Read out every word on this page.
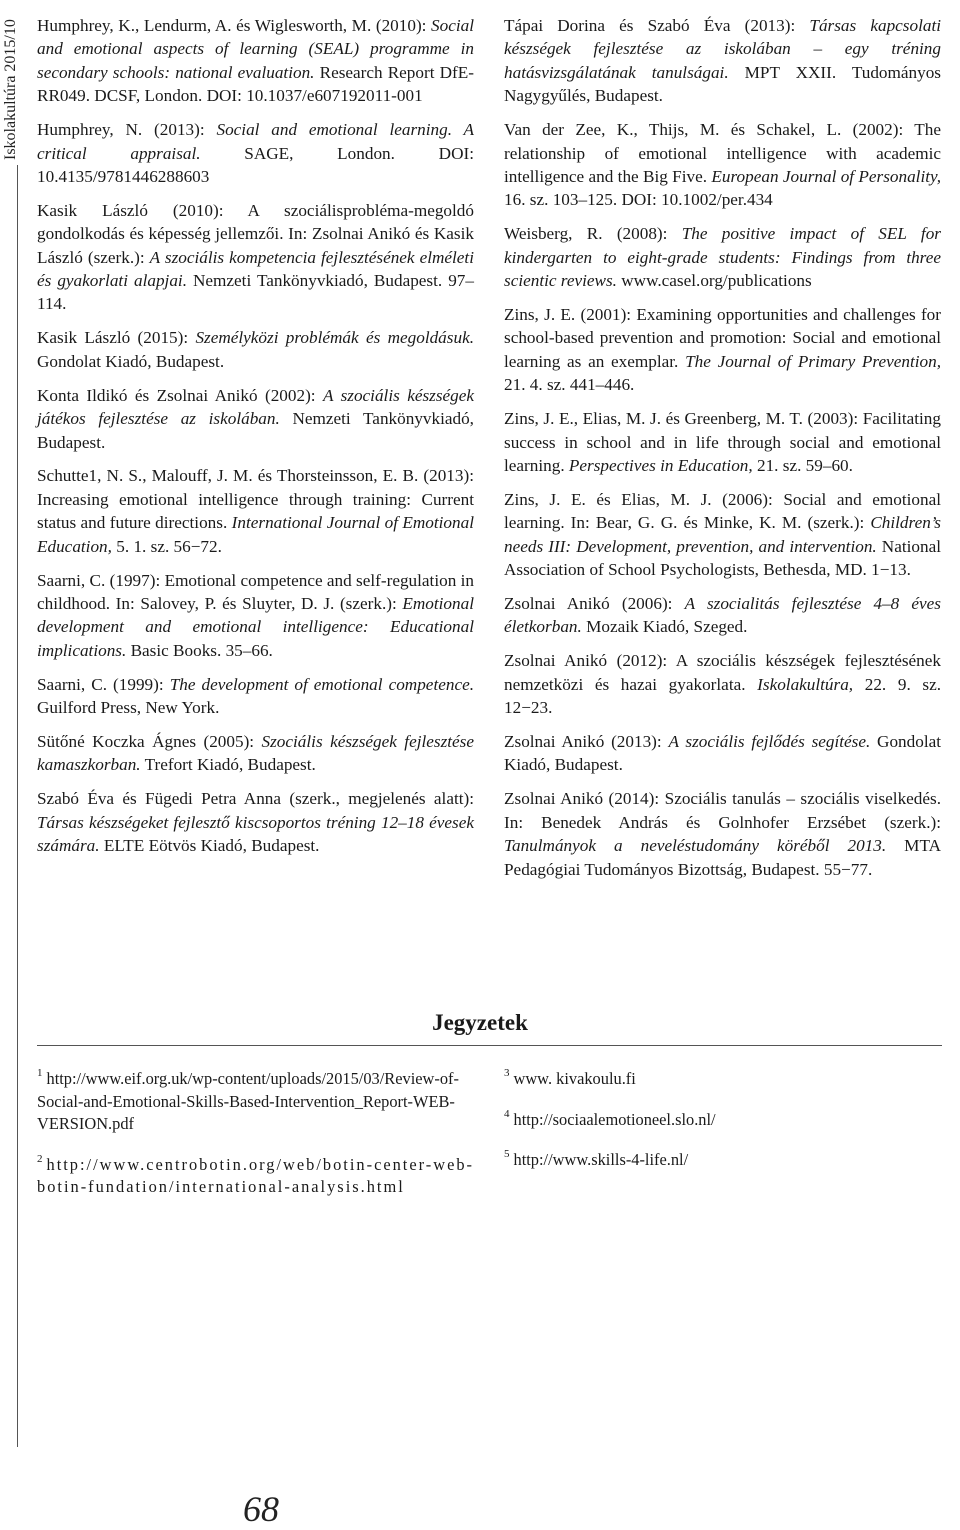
Iskolakultúra 2015/10 Humphrey, K., Lendurm, A. és Wiglesworth, M. (2010): Social and emotional aspects of learning (SEAL) programme in secondary schools: national evaluation. Research Report DfE-RR049. DCSF, London. DOI: 10.1037/e607192011-001

Humphrey, N. (2013): Social and emotional learning. A critical appraisal. SAGE, London. DOI: 10.4135/9781446288603

Kasik László (2010): A szociálisprobléma-megoldó gondolkodás és képesség jellemzői. In: Zsolnai Anikó és Kasik László (szerk.): A szociális kompetencia fejlesztésének elméleti és gyakorlati alapjai. Nemzeti Tankönyvkiadó, Budapest. 97–114.

Kasik László (2015): Személyközi problémák és megoldásuk. Gondolat Kiadó, Budapest.

Konta Ildikó és Zsolnai Anikó (2002): A szociális készségek játékos fejlesztése az iskolában. Nemzeti Tankönyvkiadó, Budapest.

Schutte1, N. S., Malouff, J. M. és Thorsteinsson, E. B. (2013): Increasing emotional intelligence through training: Current status and future directions. International Journal of Emotional Education, 5. 1. sz. 56−72.

Saarni, C. (1997): Emotional competence and self-regulation in childhood. In: Salovey, P. és Sluyter, D. J. (szerk.): Emotional development and emotional intelligence: Educational implications. Basic Books. 35–66.

Saarni, C. (1999): The development of emotional competence. Guilford Press, New York.

Sütőné Koczka Ágnes (2005): Szociális készségek fejlesztése kamaszkorban. Trefort Kiadó, Budapest.

Szabó Éva és Fügedi Petra Anna (szerk., megjelenés alatt): Társas készségeket fejlesztő kiscsoportos tréning 12–18 évesek számára. ELTE Eötvös Kiadó, Budapest.

Tápai Dorina és Szabó Éva (2013): Társas kapcsolati készségek fejlesztése az iskolában – egy tréning hatásvizsgálatának tanulságai. MPT XXII. Tudományos Nagygyűlés, Budapest.

Van der Zee, K., Thijs, M. és Schakel, L. (2002): The relationship of emotional intelligence with academic intelligence and the Big Five. European Journal of Personality, 16. sz. 103–125. DOI: 10.1002/per.434

Weisberg, R. (2008): The positive impact of SEL for kindergarten to eight-grade students: Findings from three scientic reviews. www.casel.org/publications

Zins, J. E. (2001): Examining opportunities and challenges for school-based prevention and promotion: Social and emotional learning as an exemplar. The Journal of Primary Prevention, 21. 4. sz. 441–446.

Zins, J. E., Elias, M. J. és Greenberg, M. T. (2003): Facilitating success in school and in life through social and emotional learning. Perspectives in Education, 21. sz. 59–60.

Zins, J. E. és Elias, M. J. (2006): Social and emotional learning. In: Bear, G. G. és Minke, K. M. (szerk.): Children’s needs III: Development, prevention, and intervention. National Association of School Psychologists, Bethesda, MD. 1−13.

Zsolnai Anikó (2006): A szocialitás fejlesztése 4–8 éves életkorban. Mozaik Kiadó, Szeged.

Zsolnai Anikó (2012): A szociális készségek fejlesztésének nemzetközi és hazai gyakorlata. Iskolakultúra, 22. 9. sz. 12−23.

Zsolnai Anikó (2013): A szociális fejlődés segítése. Gondolat Kiadó, Budapest.

Zsolnai Anikó (2014): Szociális tanulás – szociális viselkedés. In: Benedek András és Golnhofer Erzsébet (szerk.): Tanulmányok a neveléstudomány köréből 2013. MTA Pedagógiai Tudományos Bizottság, Budapest. 55−77.

Jegyzetek

$^1$ http://www.eif.org.uk/wp-content/uploads/2015/03/Review-of-Social-and-Emotional-Skills-Based-Intervention_Report-WEB-VERSION.pdf

$^2$ http://www.centrobotin.org/web/botin-center-web-botin-fundation/international-analysis.html

$^3$ www. kivakoulu.fi

$^4$ http://sociaalemotioneel.slo.nl/

$^5$ http://www.skills-4-life.nl/

68
